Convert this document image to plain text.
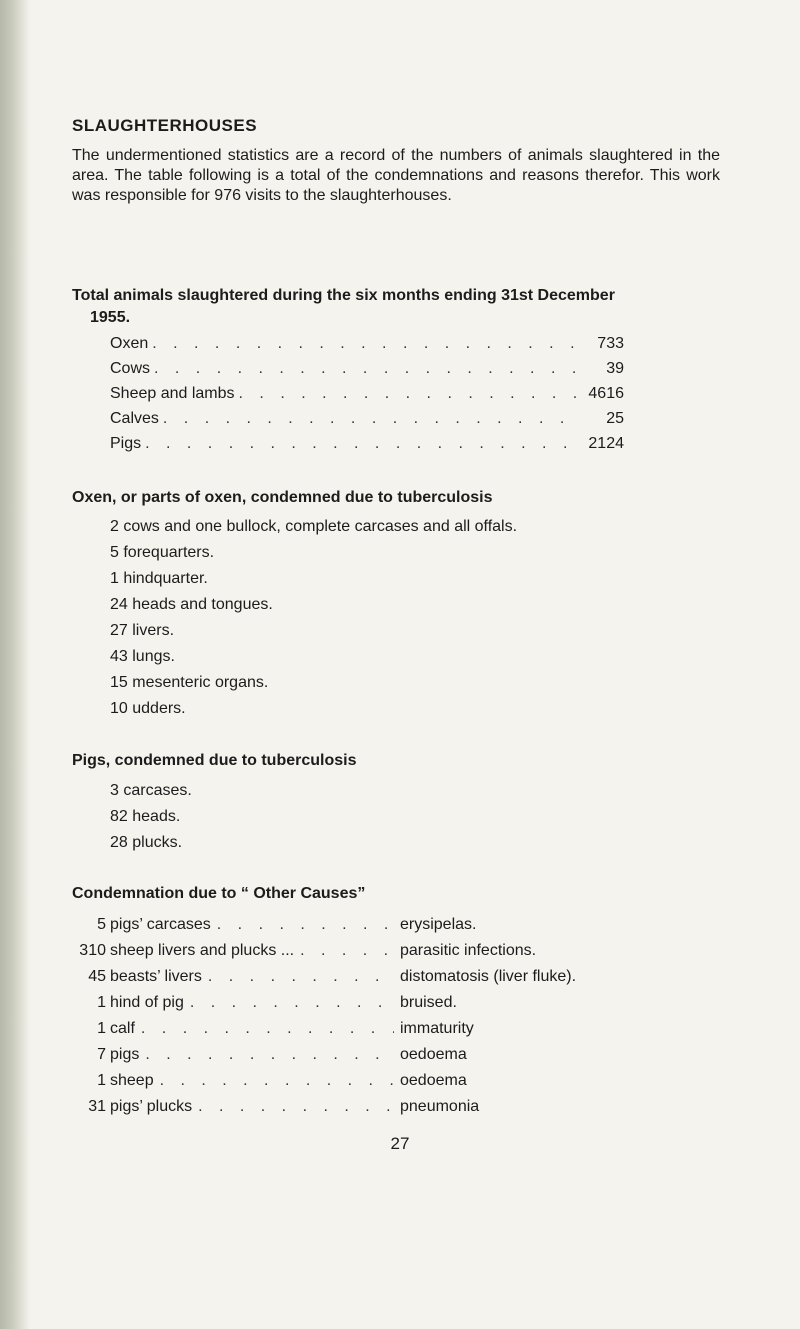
SLAUGHTERHOUSES
The undermentioned statistics are a record of the numbers of animals slaughtered in the area. The table following is a total of the condemnations and reasons therefor. This work was responsible for 976 visits to the slaughterhouses.
Total animals slaughtered during the six months ending 31st December
1955.
Oxen . . .	733
Cows . . .	39
Sheep and lambs . . .	4616
Calves . . .	25
Pigs . . .	2124
Oxen, or parts of oxen, condemned due to tuberculosis
2 cows and one bullock, complete carcases and all offals.
5 forequarters.
1 hindquarter.
24 heads and tongues.
27 livers.
43 lungs.
15 mesenteric organs.
10 udders.
Pigs, condemned due to tuberculosis
3 carcases.
82 heads.
28 plucks.
Condemnation due to “ Other Causes”
5 pigs’ carcases . . .	erysipelas.
310 sheep livers and plucks ... . . .	parasitic infections.
45 beasts’ livers . . .	distomatosis (liver fluke).
1 hind of pig . . .	bruised.
1 calf . . .	immaturity
7 pigs . . .	oedoema
1 sheep . . .	oedoema
31 pigs’ plucks . . .	pneumonia
27
